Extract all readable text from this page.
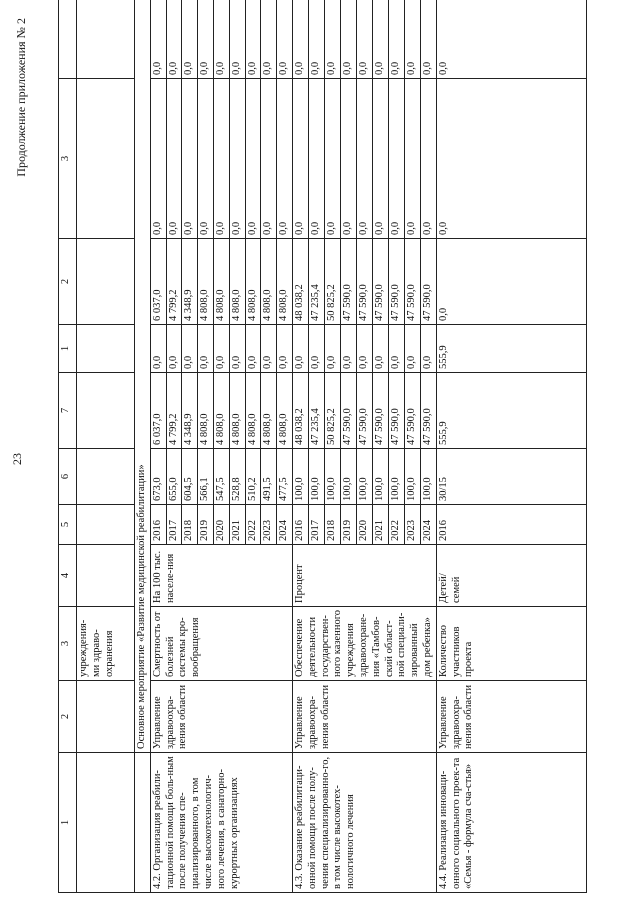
23
Продолжение приложения № 2
1	2	3	4	5	6	7	1	2	3	
		учреждения-ми здраво-охранения								
	Основное мероприятие «Развитие медицинской реабилитации»									
4.2. Организация реабили-тационной помощи боль-ным после получения спе-циализированного, в том числе высокотехнологич-ного лечения, в санаторно-курортных организациях	Управление здравоохра-нения области	Смертность от болезней системы кро-вообращения	На 100 тыс. населе-ния	2016	673,0	6 037,0	0,0	6 037,0	0,0	0,0
				2017	655,0	4 799,2	0,0	4 799,2	0,0	0,0
				2018	604,5	4 348,9	0,0	4 348,9	0,0	0,0
				2019	566,1	4 808,0	0,0	4 808,0	0,0	0,0
				2020	547,5	4 808,0	0,0	4 808,0	0,0	0,0
				2021	528,8	4 808,0	0,0	4 808,0	0,0	0,0
				2022	510,2	4 808,0	0,0	4 808,0	0,0	0,0
				2023	491,5	4 808,0	0,0	4 808,0	0,0	0,0
				2024	477,5	4 808,0	0,0	4 808,0	0,0	0,0
4.3. Оказание реабилитаци-онной помощи после полу-чения специализированно-го, в том числе высокотех-нологичного лечения	Управление здравоохра-нения области	Обеспечение деятельности государствен-ного казенного учреждения здравоохране-ния «Тамбов-ский област-ной специали-зированный дом ребенка»	Процент	2016	100,0	48 038,2	0,0	48 038,2	0,0	0,0
				2017	100,0	47 235,4	0,0	47 235,4	0,0	0,0
				2018	100,0	50 825,2	0,0	50 825,2	0,0	0,0
				2019	100,0	47 590,0	0,0	47 590,0	0,0	0,0
				2020	100,0	47 590,0	0,0	47 590,0	0,0	0,0
				2021	100,0	47 590,0	0,0	47 590,0	0,0	0,0
				2022	100,0	47 590,0	0,0	47 590,0	0,0	0,0
				2023	100,0	47 590,0	0,0	47 590,0	0,0	0,0
				2024	100,0	47 590,0	0,0	47 590,0	0,0	0,0
4.4. Реализация инноваци-онного социального проек-та «Семья - формула сча-стья»	Управление здравоохра-нения области	Количество участников проекта	Детей/ семей	2016	30/15	555,9	555,9	0,0	0,0	0,0
